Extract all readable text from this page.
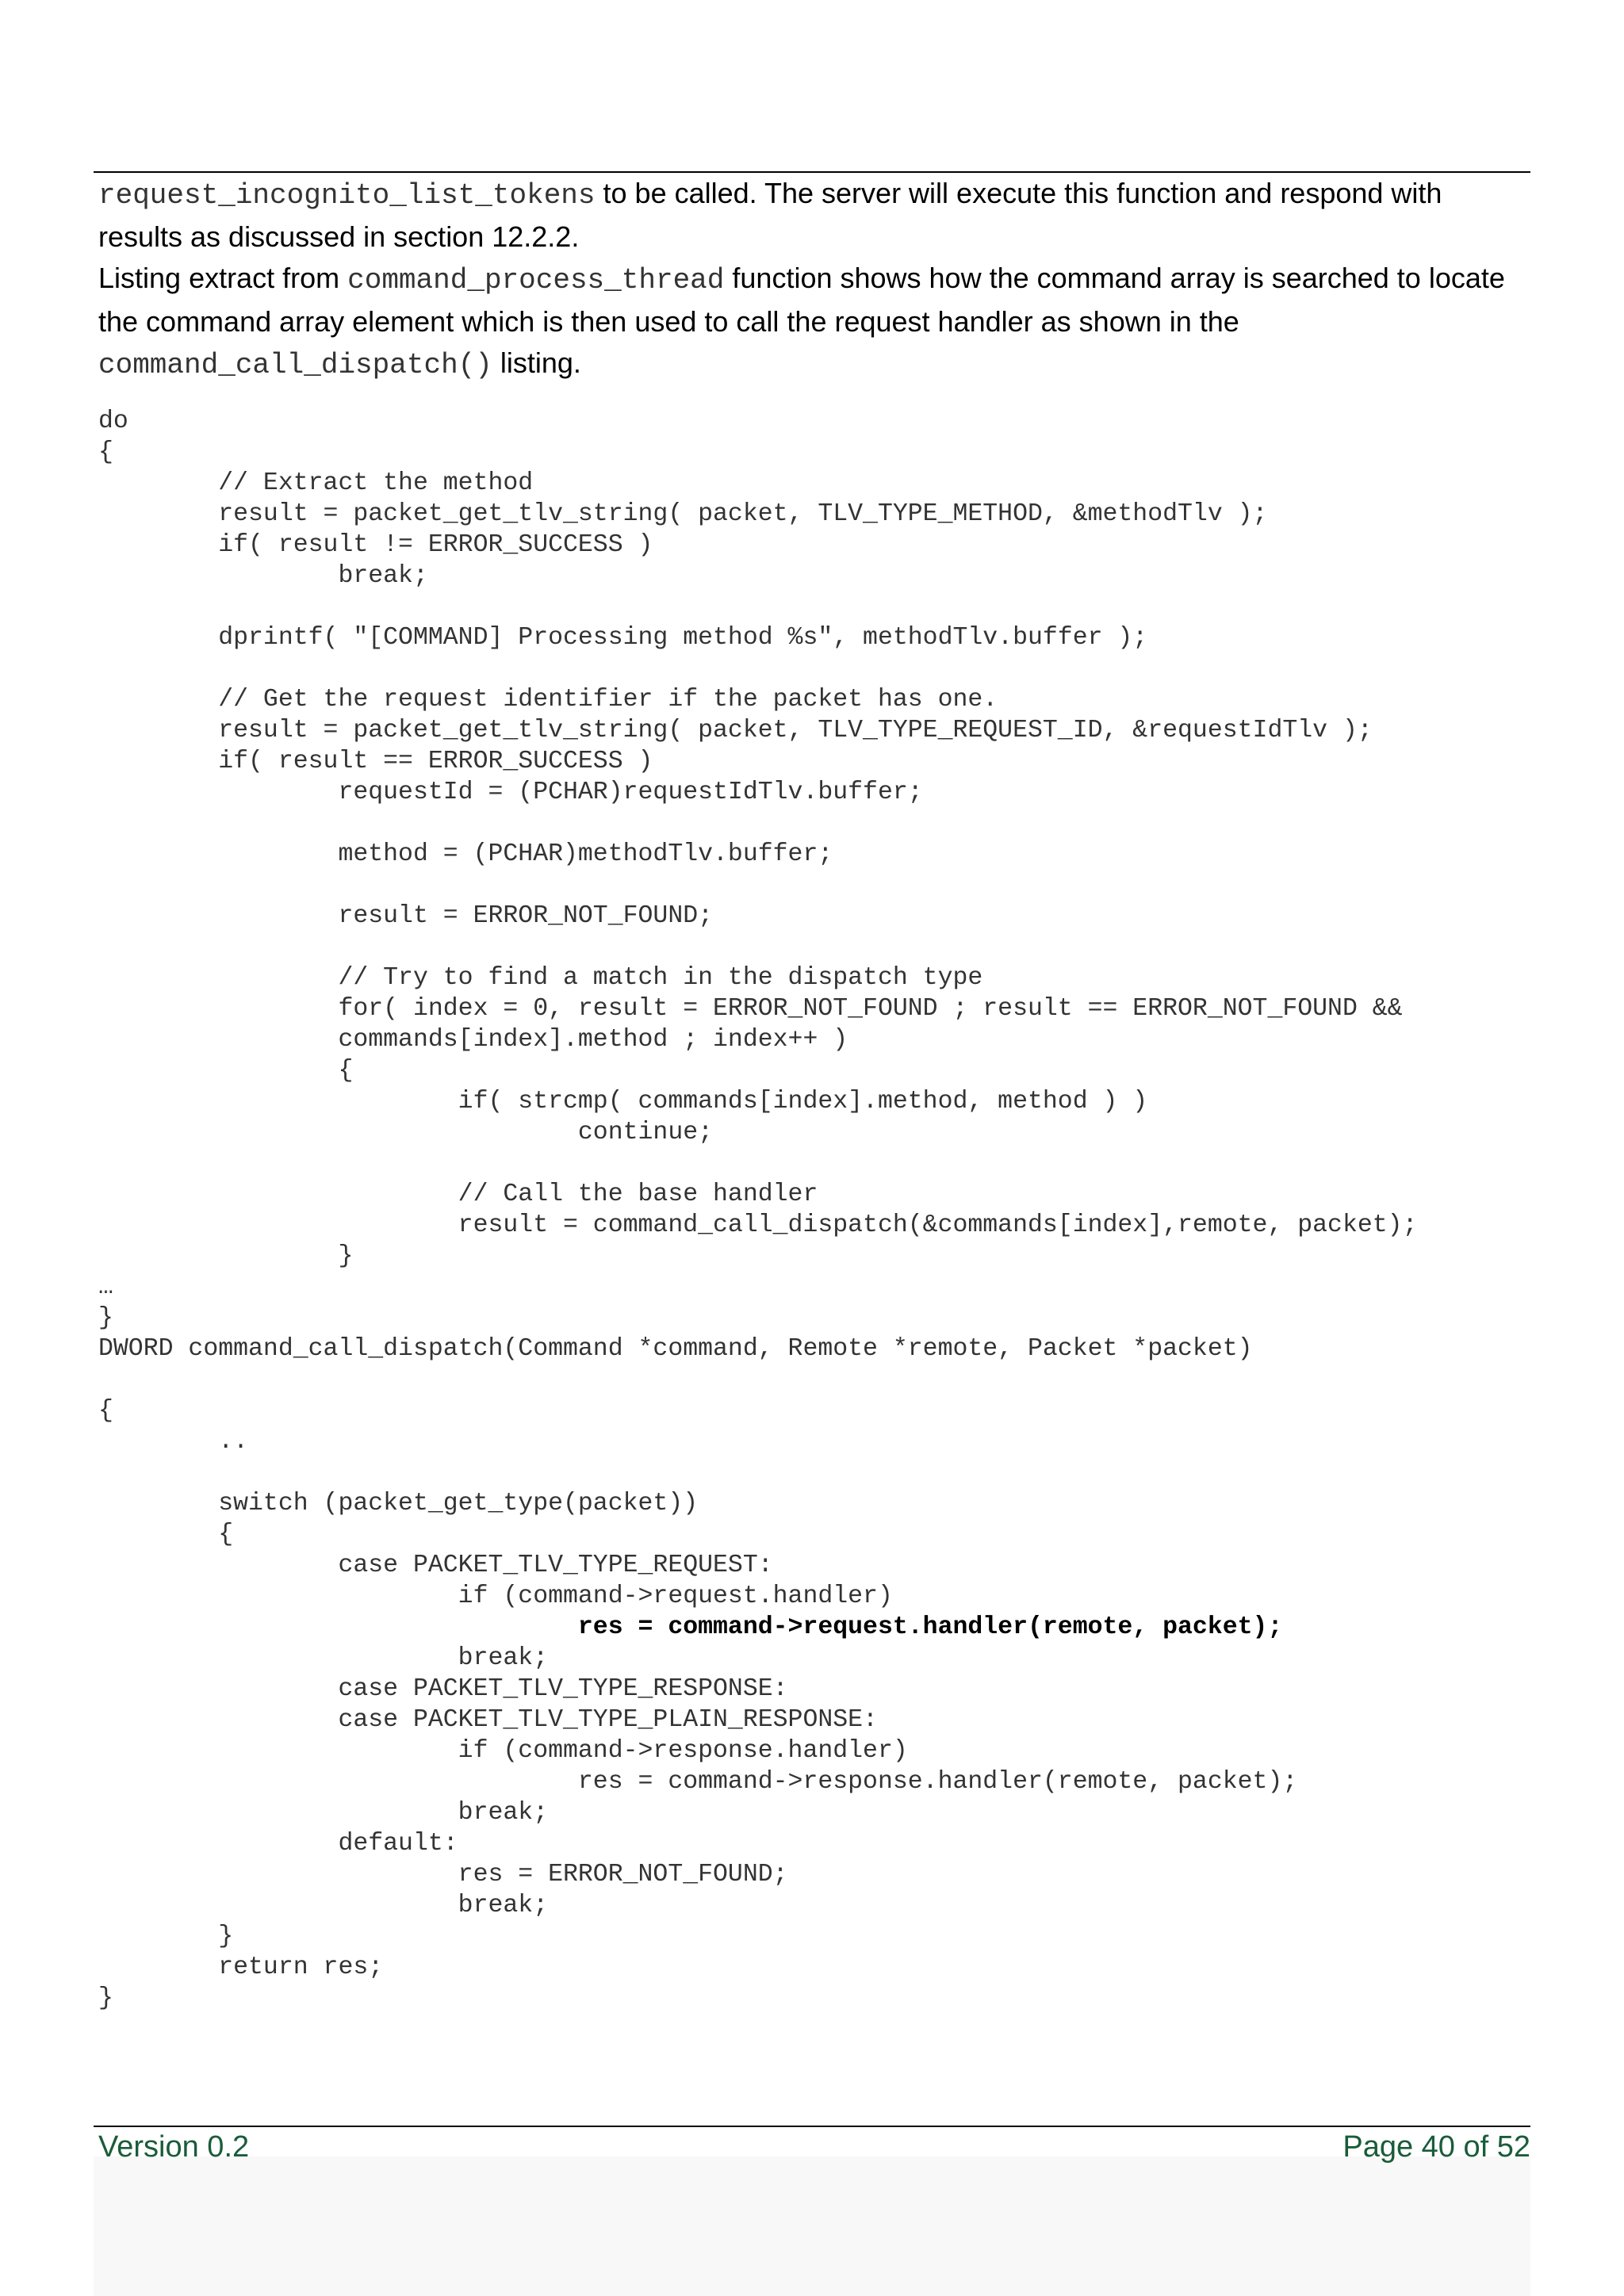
request_incognito_list_tokens to be called. The server will execute this function and respond with results as discussed in section 12.2.2.

Listing extract from command_process_thread function shows how the command array is searched to locate the command array element which is then used to call the request handler as shown in the command_call_dispatch() listing.

do
{
// Extract the method
result = packet_get_tlv_string( packet, TLV_TYPE_METHOD, &methodTlv );
if( result != ERROR_SUCCESS )
break;
dprintf( "[COMMAND] Processing method %s", methodTlv.buffer );
// Get the request identifier if the packet has one.
result = packet_get_tlv_string( packet, TLV_TYPE_REQUEST_ID, &requestIdTlv );
if( result == ERROR_SUCCESS )
requestId = (PCHAR)requestIdTlv.buffer;
method = (PCHAR)methodTlv.buffer;
result = ERROR_NOT_FOUND;
// Try to find a match in the dispatch type
for( index = 0, result = ERROR_NOT_FOUND ; result == ERROR_NOT_FOUND &&
commands[index].method ; index++ )
{
if( strcmp( commands[index].method, method ) )
continue;
// Call the base handler
result = command_call_dispatch(&commands[index],remote, packet);
}
…
}
DWORD command_call_dispatch(Command *command, Remote *remote, Packet *packet)
{
..
switch (packet_get_type(packet))
{
case PACKET_TLV_TYPE_REQUEST:
if (command->request.handler)
res = command->request.handler(remote, packet);
break;
case PACKET_TLV_TYPE_RESPONSE:
case PACKET_TLV_TYPE_PLAIN_RESPONSE:
if (command->response.handler)
res = command->response.handler(remote, packet);
break;
default:
res = ERROR_NOT_FOUND;
break;
}
return res;
}
Version 0.2	Page 40 of 52
